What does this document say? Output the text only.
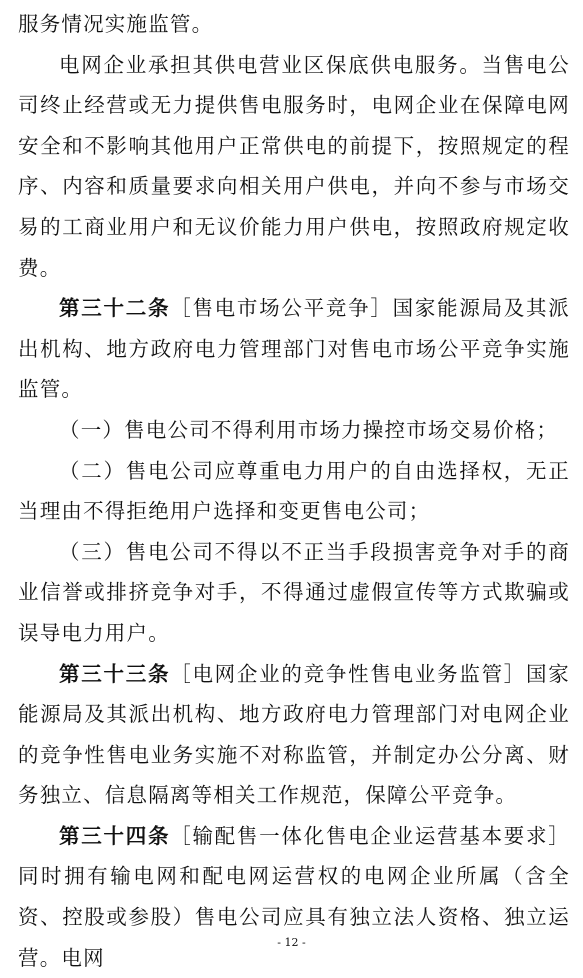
服务情况实施监管。

电网企业承担其供电营业区保底供电服务。当售电公司终止经营或无力提供售电服务时，电网企业在保障电网安全和不影响其他用户正常供电的前提下，按照规定的程序、内容和质量要求向相关用户供电，并向不参与市场交易的工商业用户和无议价能力用户供电，按照政府规定收费。

第三十二条［售电市场公平竞争］国家能源局及其派出机构、地方政府电力管理部门对售电市场公平竞争实施监管。

（一）售电公司不得利用市场力操控市场交易价格；

（二）售电公司应尊重电力用户的自由选择权，无正当理由不得拒绝用户选择和变更售电公司；

（三）售电公司不得以不正当手段损害竞争对手的商业信誉或排挤竞争对手，不得通过虚假宣传等方式欺骗或误导电力用户。

第三十三条［电网企业的竞争性售电业务监管］国家能源局及其派出机构、地方政府电力管理部门对电网企业的竞争性售电业务实施不对称监管，并制定办公分离、财务独立、信息隔离等相关工作规范，保障公平竞争。

第三十四条［输配售一体化售电企业运营基本要求］同时拥有输电网和配电网运营权的电网企业所属（含全资、控股或参股）售电公司应具有独立法人资格、独立运营。电网

- 12 -
